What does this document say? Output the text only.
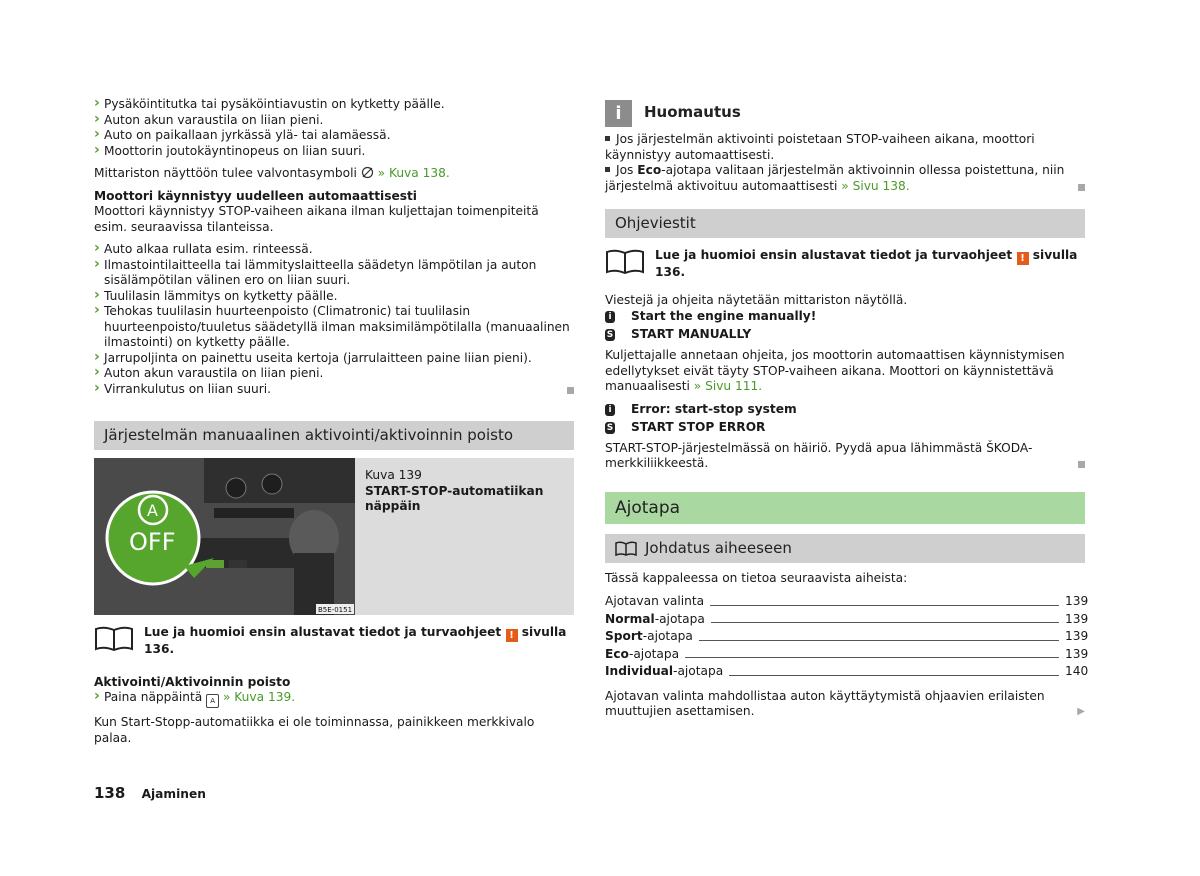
› Pysäköintitutka tai pysäköintiavustin on kytketty päälle.
› Auton akun varaustila on liian pieni.
› Auto on paikallaan jyrkässä ylä- tai alamäessä.
› Moottorin joutokäyntinopeus on liian suuri.

Mittariston näyttöön tulee valvontasymboli » Kuva 138.

Moottori käynnistyy uudelleen automaattisesti

Moottori käynnistyy STOP-vaiheen aikana ilman kuljettajan toimenpiteitä esim. seuraavissa tilanteissa.

› Auto alkaa rullata esim. rinteessä.
› Ilmastointilaitteella tai lämmityslaitteella säädetyn lämpötilan ja auton sisälämpötilan välinen ero on liian suuri.
› Tuulilasin lämmitys on kytketty päälle.
› Tehokas tuulilasin huurteenpoisto (Climatronic) tai tuulilasin huurteenpoisto/tuuletus säädetyllä ilman maksimilämpötilalla (manuaalinen ilmastointi) on kytketty päälle.
› Jarrupoljinta on painettu useita kertoja (jarrulaitteen paine liian pieni).
› Auton akun varaustila on liian pieni.
› Virrankulutus on liian suuri.
Järjestelmän manuaalinen aktivointi/aktivoinnin poisto
B5E-0151
A
OFF

Kuva 139

START-STOP-automatiikan näppäin

Lue ja huomioi ensin alustavat tiedot ja turvaohjeet ! sivulla 136.

Aktivointi/Aktivoinnin poisto

› Paina näppäintä A » Kuva 139.

Kun Start-Stopp-automatiikka ei ole toiminnassa, painikkeen merkkivalo palaa.

i	Huomautus

Jos järjestelmän aktivointi poistetaan STOP-vaiheen aikana, moottori käynnistyy automaattisesti.

Jos Eco-ajotapa valitaan järjestelmän aktivoinnin ollessa poistettuna, niin järjestelmä aktivoituu automaattisesti » Sivu 138.

Ohjeviestit
Lue ja huomioi ensin alustavat tiedot ja turvaohjeet ! sivulla 136.

Viestejä ja ohjeita näytetään mittariston näytöllä.

i Start the engine manually!
S START MANUALLY

Kuljettajalle annetaan ohjeita, jos moottorin automaattisen käynnistymisen edellytykset eivät täyty STOP-vaiheen aikana. Moottori on käynnistettävä manuaalisesti » Sivu 111.

i Error: start-stop system
S START STOP ERROR

START-STOP-järjestelmässä on häiriö. Pyydä apua lähimmästä ŠKODA-merkkiliikkeestä.

Ajotapa
Johdatus aiheeseen

Tässä kappaleessa on tietoa seuraavista aiheista:

Ajotavan valinta	139
Normal-ajotapa	139
Sport-ajotapa	139
Eco-ajotapa	139
Individual-ajotapa	140

Ajotavan valinta mahdollistaa auton käyttäytymistä ohjaavien erilaisten muuttujien asettamisen.	▶

138 Ajaminen
